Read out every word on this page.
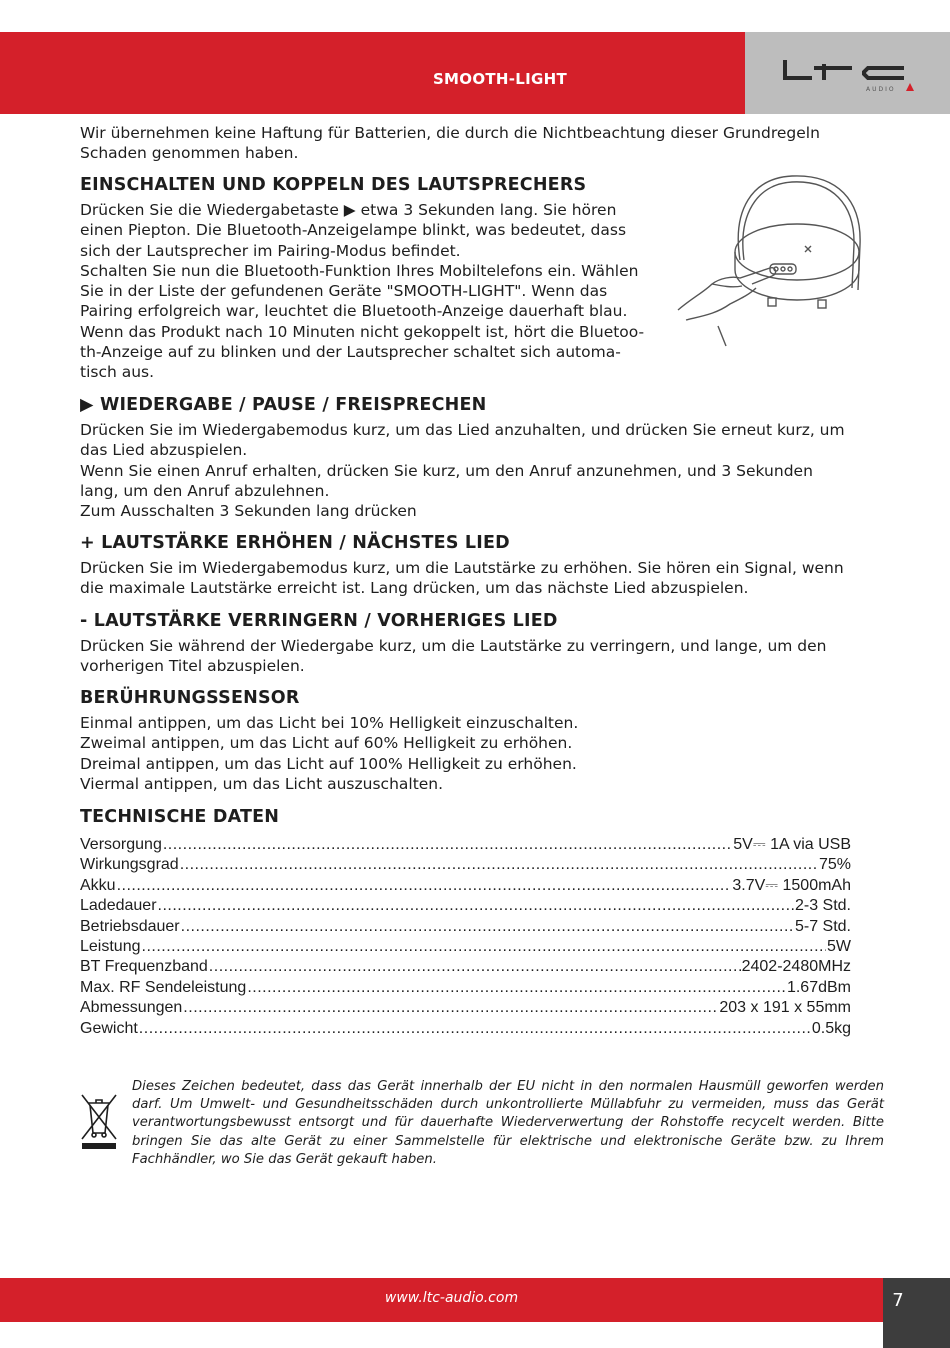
SMOOTH-LIGHT
AUDIO

Wir übernehmen keine Haftung für Batterien, die durch die Nichtbeachtung dieser Grundregeln Schaden genommen haben.

EINSCHALTEN UND KOPPELN DES LAUTSPRECHERS

Drücken Sie die Wiedergabetaste ▶ etwa 3 Sekunden lang. Sie hören

einen Piepton. Die Bluetooth-Anzeigelampe blinkt, was bedeutet, dass

sich der Lautsprecher im Pairing-Modus befindet.

Schalten Sie nun die Bluetooth-Funktion Ihres Mobiltelefons ein. Wählen

Sie in der Liste der gefundenen Geräte "SMOOTH-LIGHT". Wenn das

Pairing erfolgreich war, leuchtet die Bluetooth-Anzeige dauerhaft blau.

Wenn das Produkt nach 10 Minuten nicht gekoppelt ist, hört die Bluetoo-

th-Anzeige auf zu blinken und der Lautsprecher schaltet sich automa-

tisch aus.

▶ WIEDERGABE / PAUSE / FREISPRECHEN

Drücken Sie im Wiedergabemodus kurz, um das Lied anzuhalten, und drücken Sie erneut kurz, um

das Lied abzuspielen.

Wenn Sie einen Anruf erhalten, drücken Sie kurz, um den Anruf anzunehmen, und 3 Sekunden

lang, um den Anruf abzulehnen.

Zum Ausschalten 3 Sekunden lang drücken

+ LAUTSTÄRKE ERHÖHEN / NÄCHSTES LIED

Drücken Sie im Wiedergabemodus kurz, um die Lautstärke zu erhöhen. Sie hören ein Signal, wenn

die maximale Lautstärke erreicht ist. Lang drücken, um das nächste Lied abzuspielen.

- LAUTSTÄRKE VERRINGERN / VORHERIGES LIED

Drücken Sie während der Wiedergabe kurz, um die Lautstärke zu verringern, und lange, um den

vorherigen Titel abzuspielen.

BERÜHRUNGSSENSOR

Einmal antippen, um das Licht bei 10% Helligkeit einzuschalten.

Zweimal antippen, um das Licht auf 60% Helligkeit zu erhöhen.

Dreimal antippen, um das Licht auf 100% Helligkeit zu erhöhen.

Viermal antippen, um das Licht auszuschalten.

TECHNISCHE DATEN
Versorgung .....	5V⎓ 1A via USB
Wirkungsgrad .....	75%
Akku .....	3.7V⎓ 1500mAh
Ladedauer .....	2-3 Std.
Betriebsdauer .....	5-7 Std.
Leistung .....	5W
BT Frequenzband .....	2402-2480MHz
Max. RF Sendeleistung .....	1.67dBm
Abmessungen .....	203 x 191 x 55mm
Gewicht .....	0.5kg
Dieses Zeichen bedeutet, dass das Gerät innerhalb der EU nicht in den normalen Hausmüll geworfen werden darf. Um Umwelt- und Gesundheitsschäden durch unkontrollierte Müllabfuhr zu vermeiden, muss das Gerät verantwortungsbewusst entsorgt und für dauerhafte Wiederverwertung der Rohstoffe recycelt werden. Bitte bringen Sie das alte Gerät zu einer Sammelstelle für elektrische und elektronische Geräte bzw. zu Ihrem Fachhändler, wo Sie das Gerät gekauft haben.
www.ltc-audio.com	7
